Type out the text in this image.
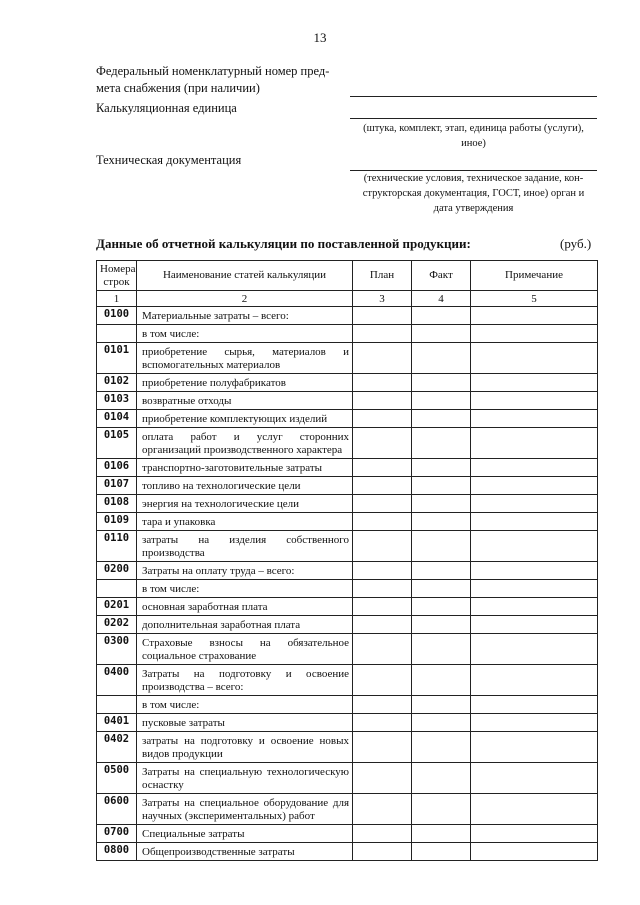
13
Федеральный номенклатурный номер пред-
мета снабжения (при наличии)
Калькуляционная единица
(штука, комплект, этап, единица работы (услуги),
иное)
Техническая документация
(технические условия, техническое задание, кон-
структорская документация, ГОСТ, иное) орган и
дата утверждения
Данные об отчетной калькуляции по поставленной продукции:	(руб.)
Номера строк	Наименование статей калькуляции	План	Факт	Примечание
1	2	3	4	5
0100	Материальные затраты – всего:			
	в том числе:			
0101	приобретение сырья, материалов и вспомогательных материалов			
0102	приобретение полуфабрикатов			
0103	возвратные отходы			
0104	приобретение комплектующих изделий			
0105	оплата работ и услуг сторонних организаций производственного характера			
0106	транспортно-заготовительные затраты			
0107	топливо на технологические цели			
0108	энергия на технологические цели			
0109	тара и упаковка			
0110	затраты на изделия собственного производства			
0200	Затраты на оплату труда – всего:			
	в том числе:			
0201	основная заработная плата			
0202	дополнительная заработная плата			
0300	Страховые взносы на обязательное социальное страхование			
0400	Затраты на подготовку и освоение производства – всего:			
	в том числе:			
0401	пусковые затраты			
0402	затраты на подготовку и освоение новых видов продукции			
0500	Затраты на специальную технологическую оснастку			
0600	Затраты на специальное оборудование для научных (экспериментальных) работ			
0700	Специальные затраты			
0800	Общепроизводственные затраты			
